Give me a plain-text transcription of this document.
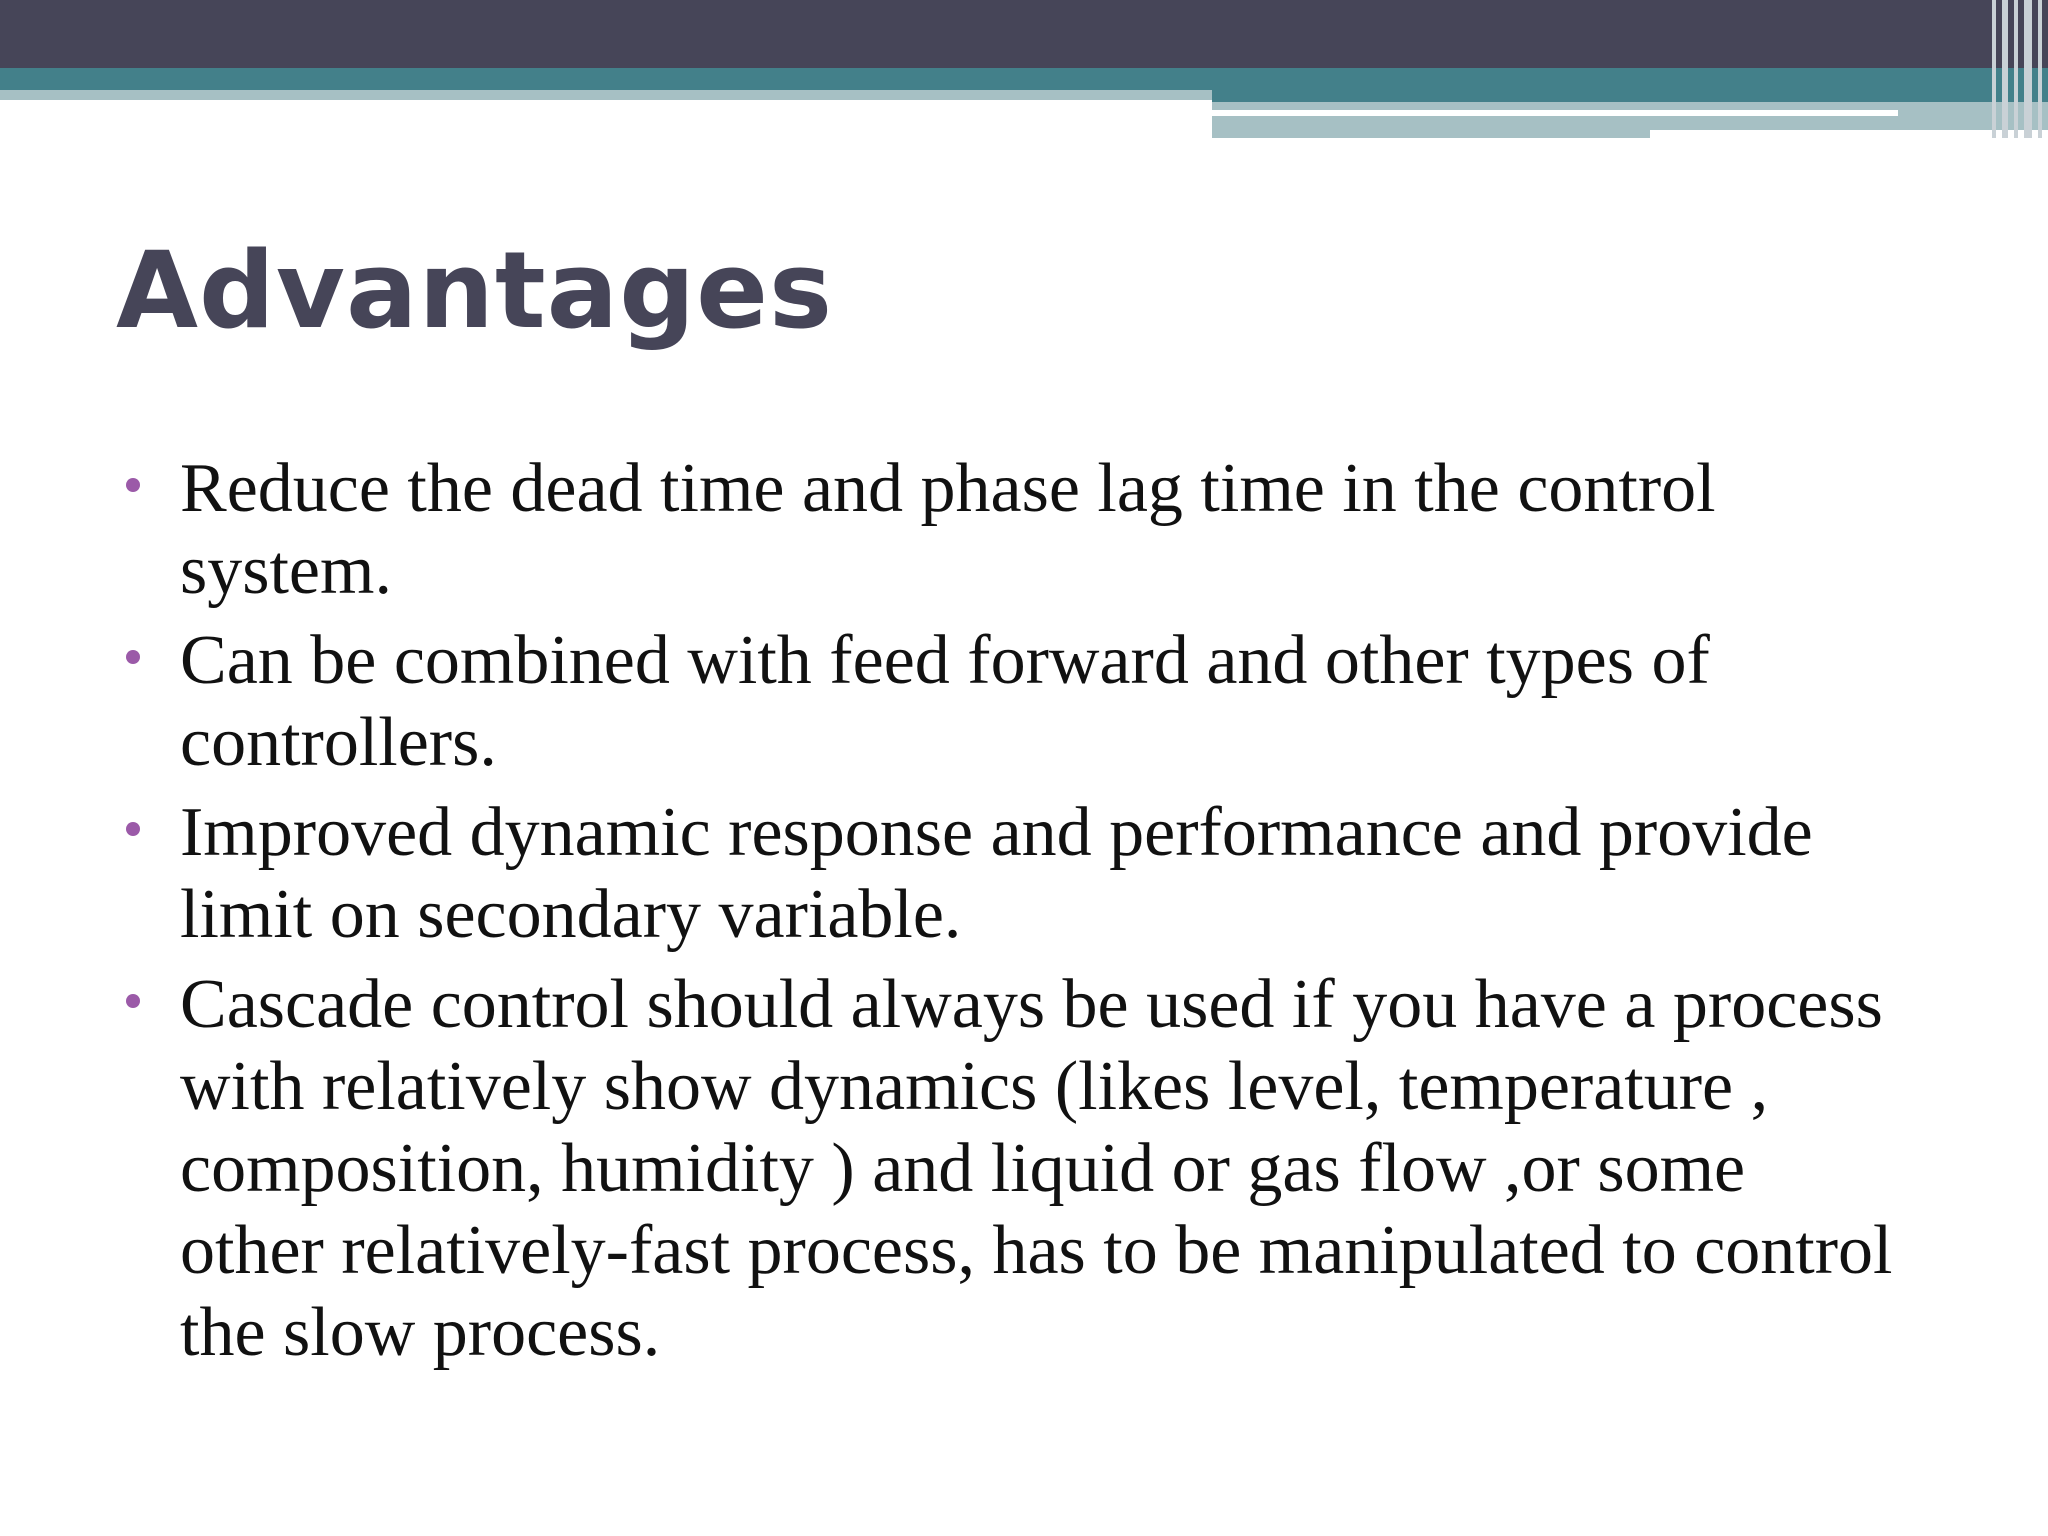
Advantages
Reduce the dead time and phase lag time in the control system.
Can be combined with feed forward and other types of controllers.
Improved dynamic response and performance and provide limit on secondary variable.
Cascade control should always be used if you have a process with relatively show dynamics (likes level, temperature , composition, humidity ) and liquid or gas flow ,or some other relatively-fast process, has to be manipulated to control the slow process.
